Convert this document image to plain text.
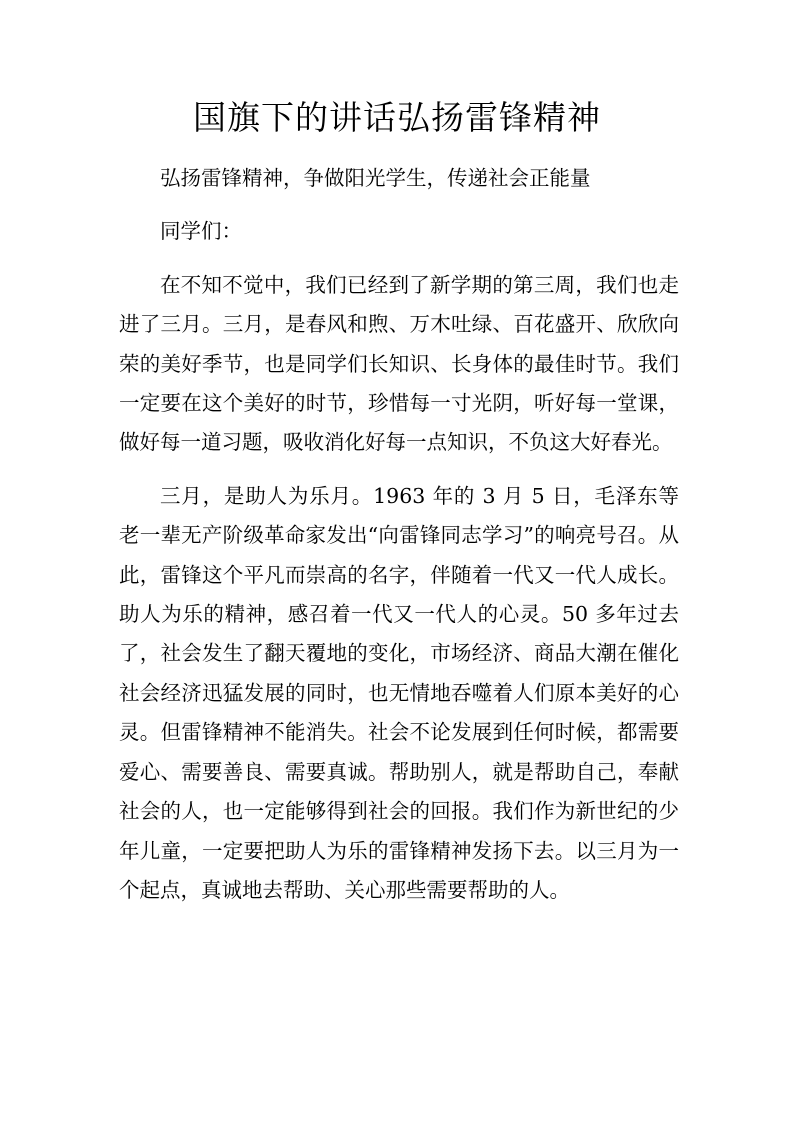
国旗下的讲话弘扬雷锋精神

弘扬雷锋精神，争做阳光学生，传递社会正能量

同学们：

在不知不觉中，我们已经到了新学期的第三周，我们也走进了三月。三月，是春风和煦、万木吐绿、百花盛开、欣欣向荣的美好季节，也是同学们长知识、长身体的最佳时节。我们一定要在这个美好的时节，珍惜每一寸光阴，听好每一堂课，做好每一道习题，吸收消化好每一点知识，不负这大好春光。

三月，是助人为乐月。1963 年的 3 月 5 日，毛泽东等老一辈无产阶级革命家发出“向雷锋同志学习”的响亮号召。从此，雷锋这个平凡而崇高的名字，伴随着一代又一代人成长。助人为乐的精神，感召着一代又一代人的心灵。50 多年过去了，社会发生了翻天覆地的变化，市场经济、商品大潮在催化社会经济迅猛发展的同时，也无情地吞噬着人们原本美好的心灵。但雷锋精神不能消失。社会不论发展到任何时候，都需要爱心、需要善良、需要真诚。帮助别人，就是帮助自己，奉献社会的人，也一定能够得到社会的回报。我们作为新世纪的少年儿童，一定要把助人为乐的雷锋精神发扬下去。以三月为一个起点，真诚地去帮助、关心那些需要帮助的人。
